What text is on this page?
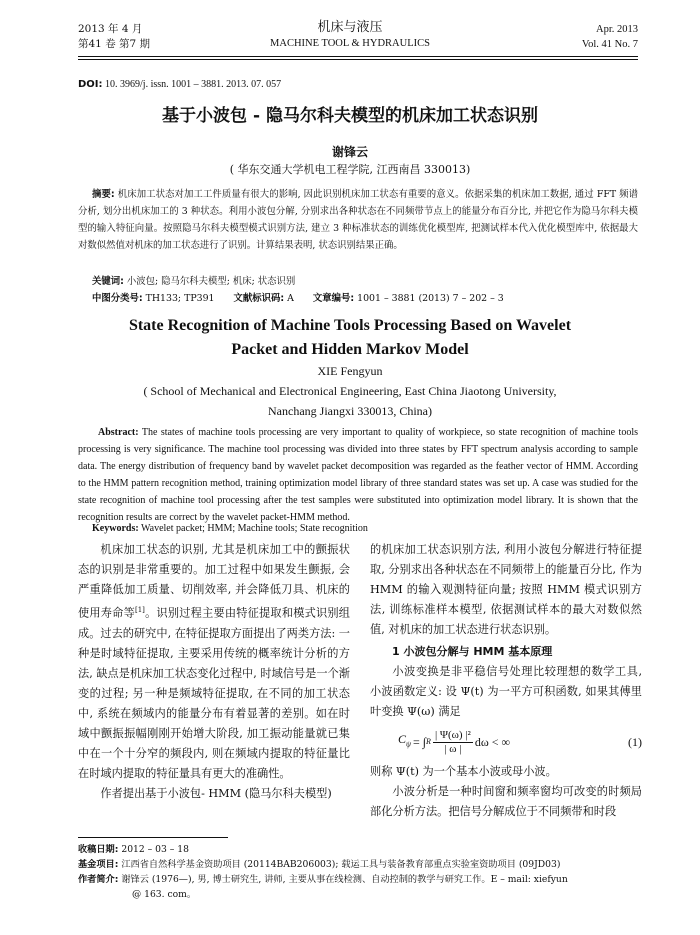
2013 年 4 月
第41 卷 第7 期
机床与液压
MACHINE TOOL & HYDRAULICS
Apr. 2013
Vol. 41 No. 7
DOI: 10. 3969/j. issn. 1001 – 3881. 2013. 07. 057
基于小波包 - 隐马尔科夫模型的机床加工状态识别
谢锋云
( 华东交通大学机电工程学院, 江西南昌 330013)
摘要: 机床加工状态对加工工件质量有很大的影响, 因此识别机床加工状态有重要的意义。依据采集的机床加工数据, 通过 FFT 频谱分析, 划分出机床加工的 3 种状态。利用小波包分解, 分别求出各种状态在不同频带节点上的能量分布百分比, 并把它作为隐马尔科夫模型的输入特征向量。按照隐马尔科夫模型模式识别方法, 建立 3 种标准状态的训练优化模型库, 把测试样本代入优化模型库中, 依据最大对数似然值对机床的加工状态进行了识别。计算结果表明, 状态识别结果正确。
关键词: 小波包; 隐马尔科夫模型; 机床; 状态识别
中图分类号: TH133; TP391 文献标识码: A 文章编号: 1001 – 3881 (2013) 7 – 202 – 3
State Recognition of Machine Tools Processing Based on Wavelet
Packet and Hidden Markov Model
XIE Fengyun
( School of Mechanical and Electronical Engineering, East China Jiaotong University,
Nanchang Jiangxi 330013, China)
Abstract: The states of machine tools processing are very important to quality of workpiece, so state recognition of machine tools processing is very significance. The machine tool processing was divided into three states by FFT spectrum analysis according to sample data. The energy distribution of frequency band by wavelet packet decomposition was regarded as the feather vector of HMM. According to the HMM pattern recognition method, training optimization model library of three standard states was set up. A case was studied for the state recognition of machine tool processing after the test samples were substituted into optimization model library. It is shown that the recognition results are correct by the wavelet packet-HMM method.
Keywords: Wavelet packet; HMM; Machine tools; State recognition

机床加工状态的识别, 尤其是机床加工中的颤振状态的识别是非常重要的。加工过程中如果发生颤振, 会严重降低加工质量、切削效率, 并会降低刀具、机床的使用寿命等[1]。识别过程主要由特征提取和模式识别组成。过去的研究中, 在特征提取方面提出了两类方法: 一种是时域特征提取, 主要采用传统的概率统计分析的方法, 缺点是机床加工状态变化过程中, 时域信号是一个渐变的过程; 另一种是频域特征提取, 在不同的加工状态中, 系统在频域内的能量分布有着显著的差别。如在时域中颤振振幅刚刚开始增大阶段, 加工振动能量就已集中在一个十分窄的频段内, 则在频域内提取的特征量比在时域内提取的特征量具有更大的准确性。

作者提出基于小波包- HMM (隐马尔科夫模型)

的机床加工状态识别方法, 利用小波包分解进行特征提取, 分别求出各种状态在不同频带上的能量百分比, 作为 HMM 的输入观测特征向量; 按照 HMM 模式识别方法, 训练标准样本模型, 依据测试样本的最大对数似然值, 对机床的加工状态进行状态识别。

1 小波包分解与 HMM 基本原理

小波变换是非平稳信号处理比较理想的数学工具, 小波函数定义: 设 Ψ(t) 为一平方可积函数, 如果其傅里叶变换 Ψ(ω) 满足

$C_\psi$ = ∫ R $\frac{\text{| Ψ(ω) |²}}{| \omega |}$ dω < ∞	(1)

则称 Ψ(t) 为一个基本小波或母小波。

小波分析是一种时间窗和频率窗均可改变的时频局部化分析方法。把信号分解成位于不同频带和时段

收稿日期: 2012 – 03 – 18
基金项目: 江西省自然科学基金资助项目 (20114BAB206003); 载运工具与装备教育部重点实验室资助项目 (09JD03)
作者简介: 谢锋云 (1976—), 男, 博士研究生, 讲师, 主要从事在线检测、自动控制的教学与研究工作。E – mail: xiefyun
@ 163. com。
